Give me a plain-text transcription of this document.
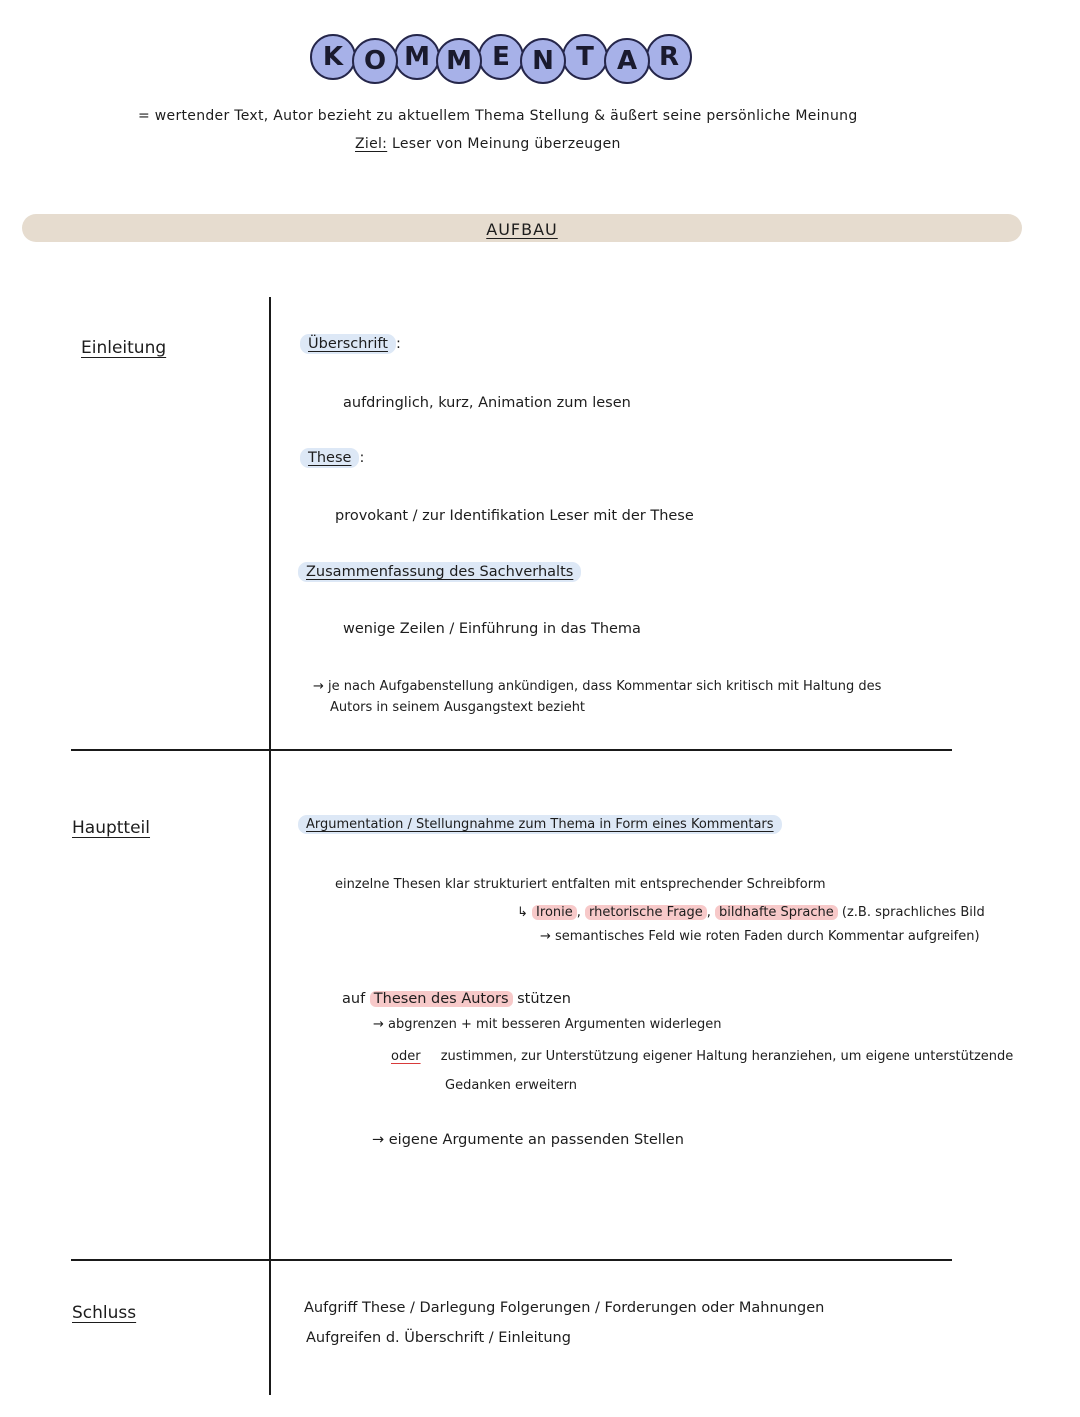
K O M M E N T A R
= wertender Text, Autor bezieht zu aktuellem Thema Stellung & äußert seine persönliche Meinung
Ziel: Leser von Meinung überzeugen
AUFBAU
Einleitung	Überschrift :
aufdringlich, kurz, Animation zum lesen
These :
provokant / zur Identifikation Leser mit der These
Zusammenfassung des Sachverhalts
wenige Zeilen / Einführung in das Thema
→ je nach Aufgabenstellung ankündigen, dass Kommentar sich kritisch mit Haltung des
Autors in seinem Ausgangstext bezieht
Hauptteil	Argumentation / Stellungnahme zum Thema in Form eines Kommentars
einzelne Thesen klar strukturiert entfalten mit entsprechender Schreibform
↳ Ironie , rhetorische Frage , bildhafte Sprache (z.B. sprachliches Bild
→ semantisches Feld wie roten Faden durch Kommentar aufgreifen)
auf Thesen des Autors stützen
→ abgrenzen + mit besseren Argumenten widerlegen
oder zustimmen, zur Unterstützung eigener Haltung heranziehen, um eigene unterstützende
Gedanken erweitern
→ eigene Argumente an passenden Stellen
Schluss	Aufgriff These / Darlegung Folgerungen / Forderungen oder Mahnungen
Aufgreifen d. Überschrift / Einleitung
